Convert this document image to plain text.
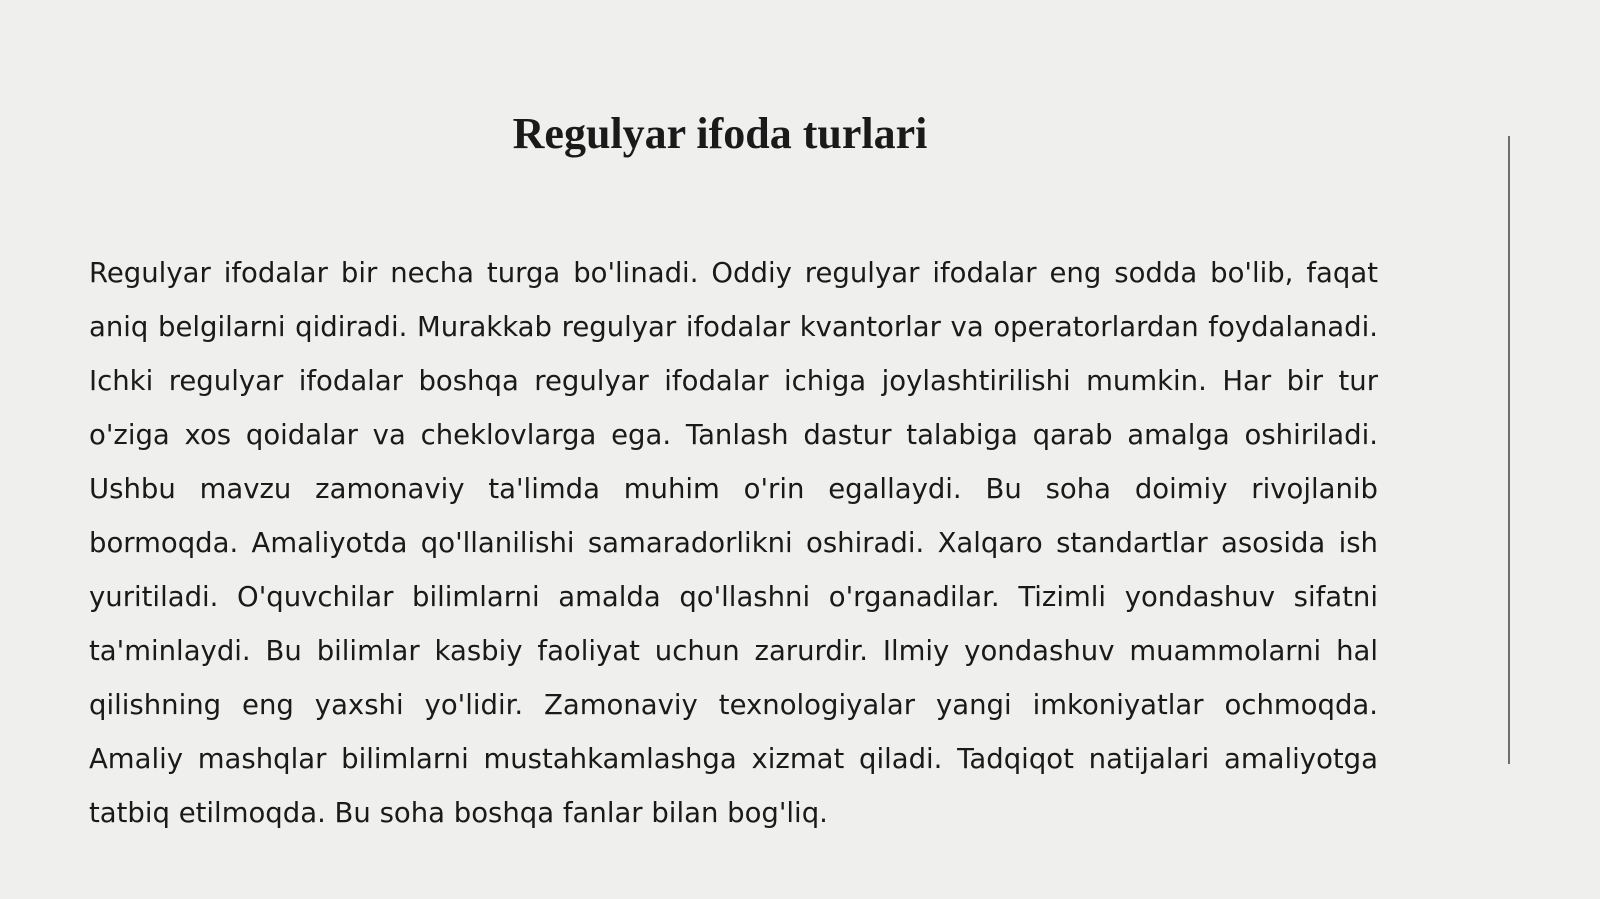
Regulyar ifoda turlari

Regulyar ifodalar bir necha turga bo'linadi. Oddiy regulyar ifodalar eng sodda bo'lib, faqat aniq belgilarni qidiradi. Murakkab regulyar ifodalar kvantorlar va operatorlardan foydalanadi. Ichki regulyar ifodalar boshqa regulyar ifodalar ichiga joylashtirilishi mumkin. Har bir tur o'ziga xos qoidalar va cheklovlarga ega. Tanlash dastur talabiga qarab amalga oshiriladi. Ushbu mavzu zamonaviy ta'limda muhim o'rin egallaydi. Bu soha doimiy rivojlanib bormoqda. Amaliyotda qo'llanilishi samaradorlikni oshiradi. Xalqaro standartlar asosida ish yuritiladi. O'quvchilar bilimlarni amalda qo'llashni o'rganadilar. Tizimli yondashuv sifatni ta'minlaydi. Bu bilimlar kasbiy faoliyat uchun zarurdir. Ilmiy yondashuv muammolarni hal qilishning eng yaxshi yo'lidir. Zamonaviy texnologiyalar yangi imkoniyatlar ochmoqda. Amaliy mashqlar bilimlarni mustahkamlashga xizmat qiladi. Tadqiqot natijalari amaliyotga tatbiq etilmoqda. Bu soha boshqa fanlar bilan bog'liq.
